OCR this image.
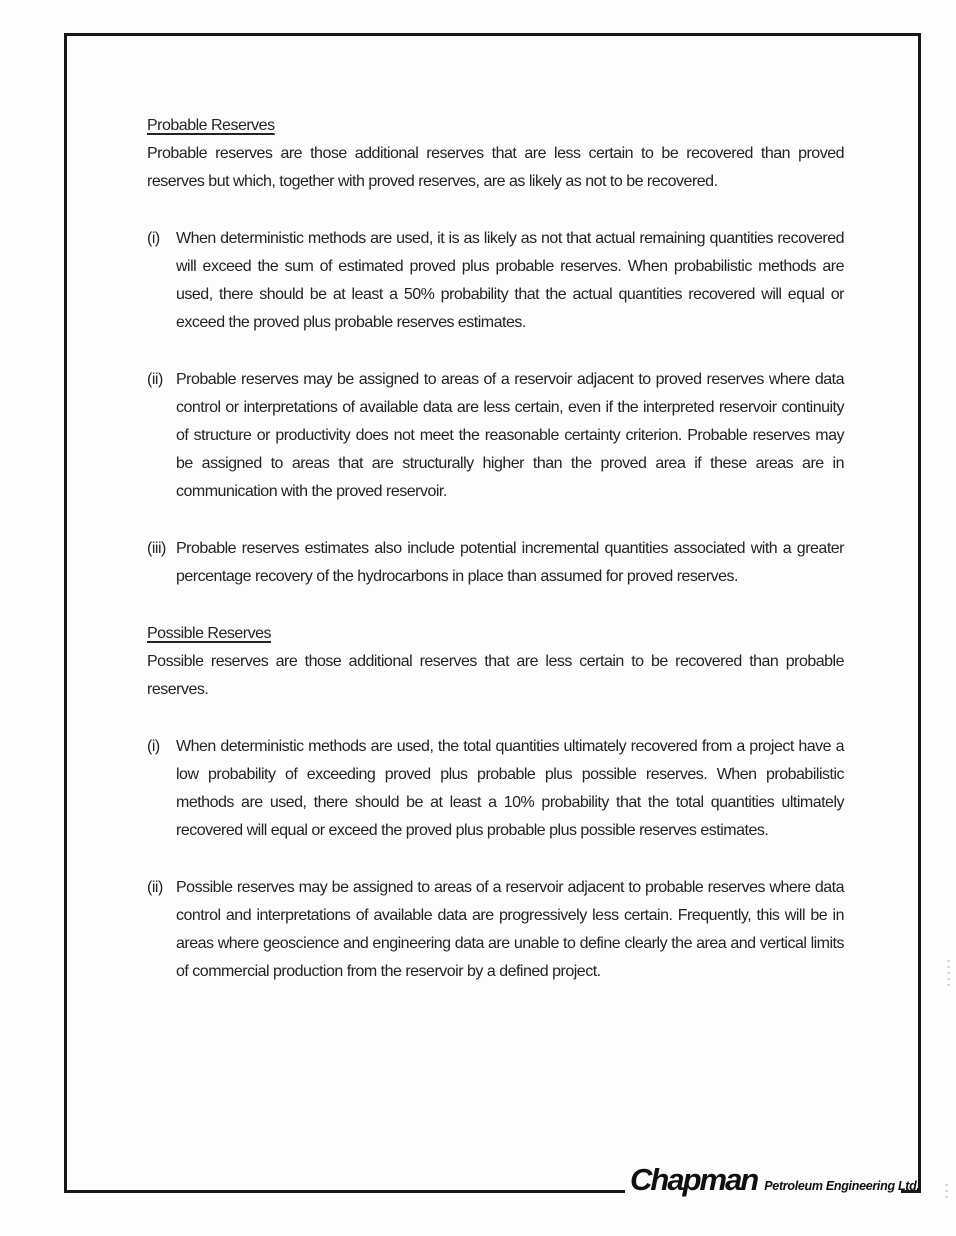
Probable Reserves

Probable reserves are those additional reserves that are less certain to be recovered than proved reserves but which, together with proved reserves, are as likely as not to be recovered.

(i)	When deterministic methods are used, it is as likely as not that actual remaining quantities recovered will exceed the sum of estimated proved plus probable reserves. When probabilistic methods are used, there should be at least a 50% probability that the actual quantities recovered will equal or exceed the proved plus probable reserves estimates.
(ii) Probable reserves may be assigned to areas of a reservoir adjacent to proved reserves where data control or interpretations of available data are less certain, even if the interpreted reservoir continuity of structure or productivity does not meet the reasonable certainty criterion. Probable reserves may be assigned to areas that are structurally higher than the proved area if these areas are in communication with the proved reservoir.
(iii) Probable reserves estimates also include potential incremental quantities associated with a greater percentage recovery of the hydrocarbons in place than assumed for proved reserves.
Possible Reserves

Possible reserves are those additional reserves that are less certain to be recovered than probable reserves.

(i)	When deterministic methods are used, the total quantities ultimately recovered from a project have a low probability of exceeding proved plus probable plus possible reserves. When probabilistic methods are used, there should be at least a 10% probability that the total quantities ultimately recovered will equal or exceed the proved plus probable plus possible reserves estimates.
(ii) Possible reserves may be assigned to areas of a reservoir adjacent to probable reserves where data control and interpretations of available data are progressively less certain. Frequently, this will be in areas where geoscience and engineering data are unable to define clearly the area and vertical limits of commercial production from the reservoir by a defined project.
Chapman Petroleum Engineering Ltd.
